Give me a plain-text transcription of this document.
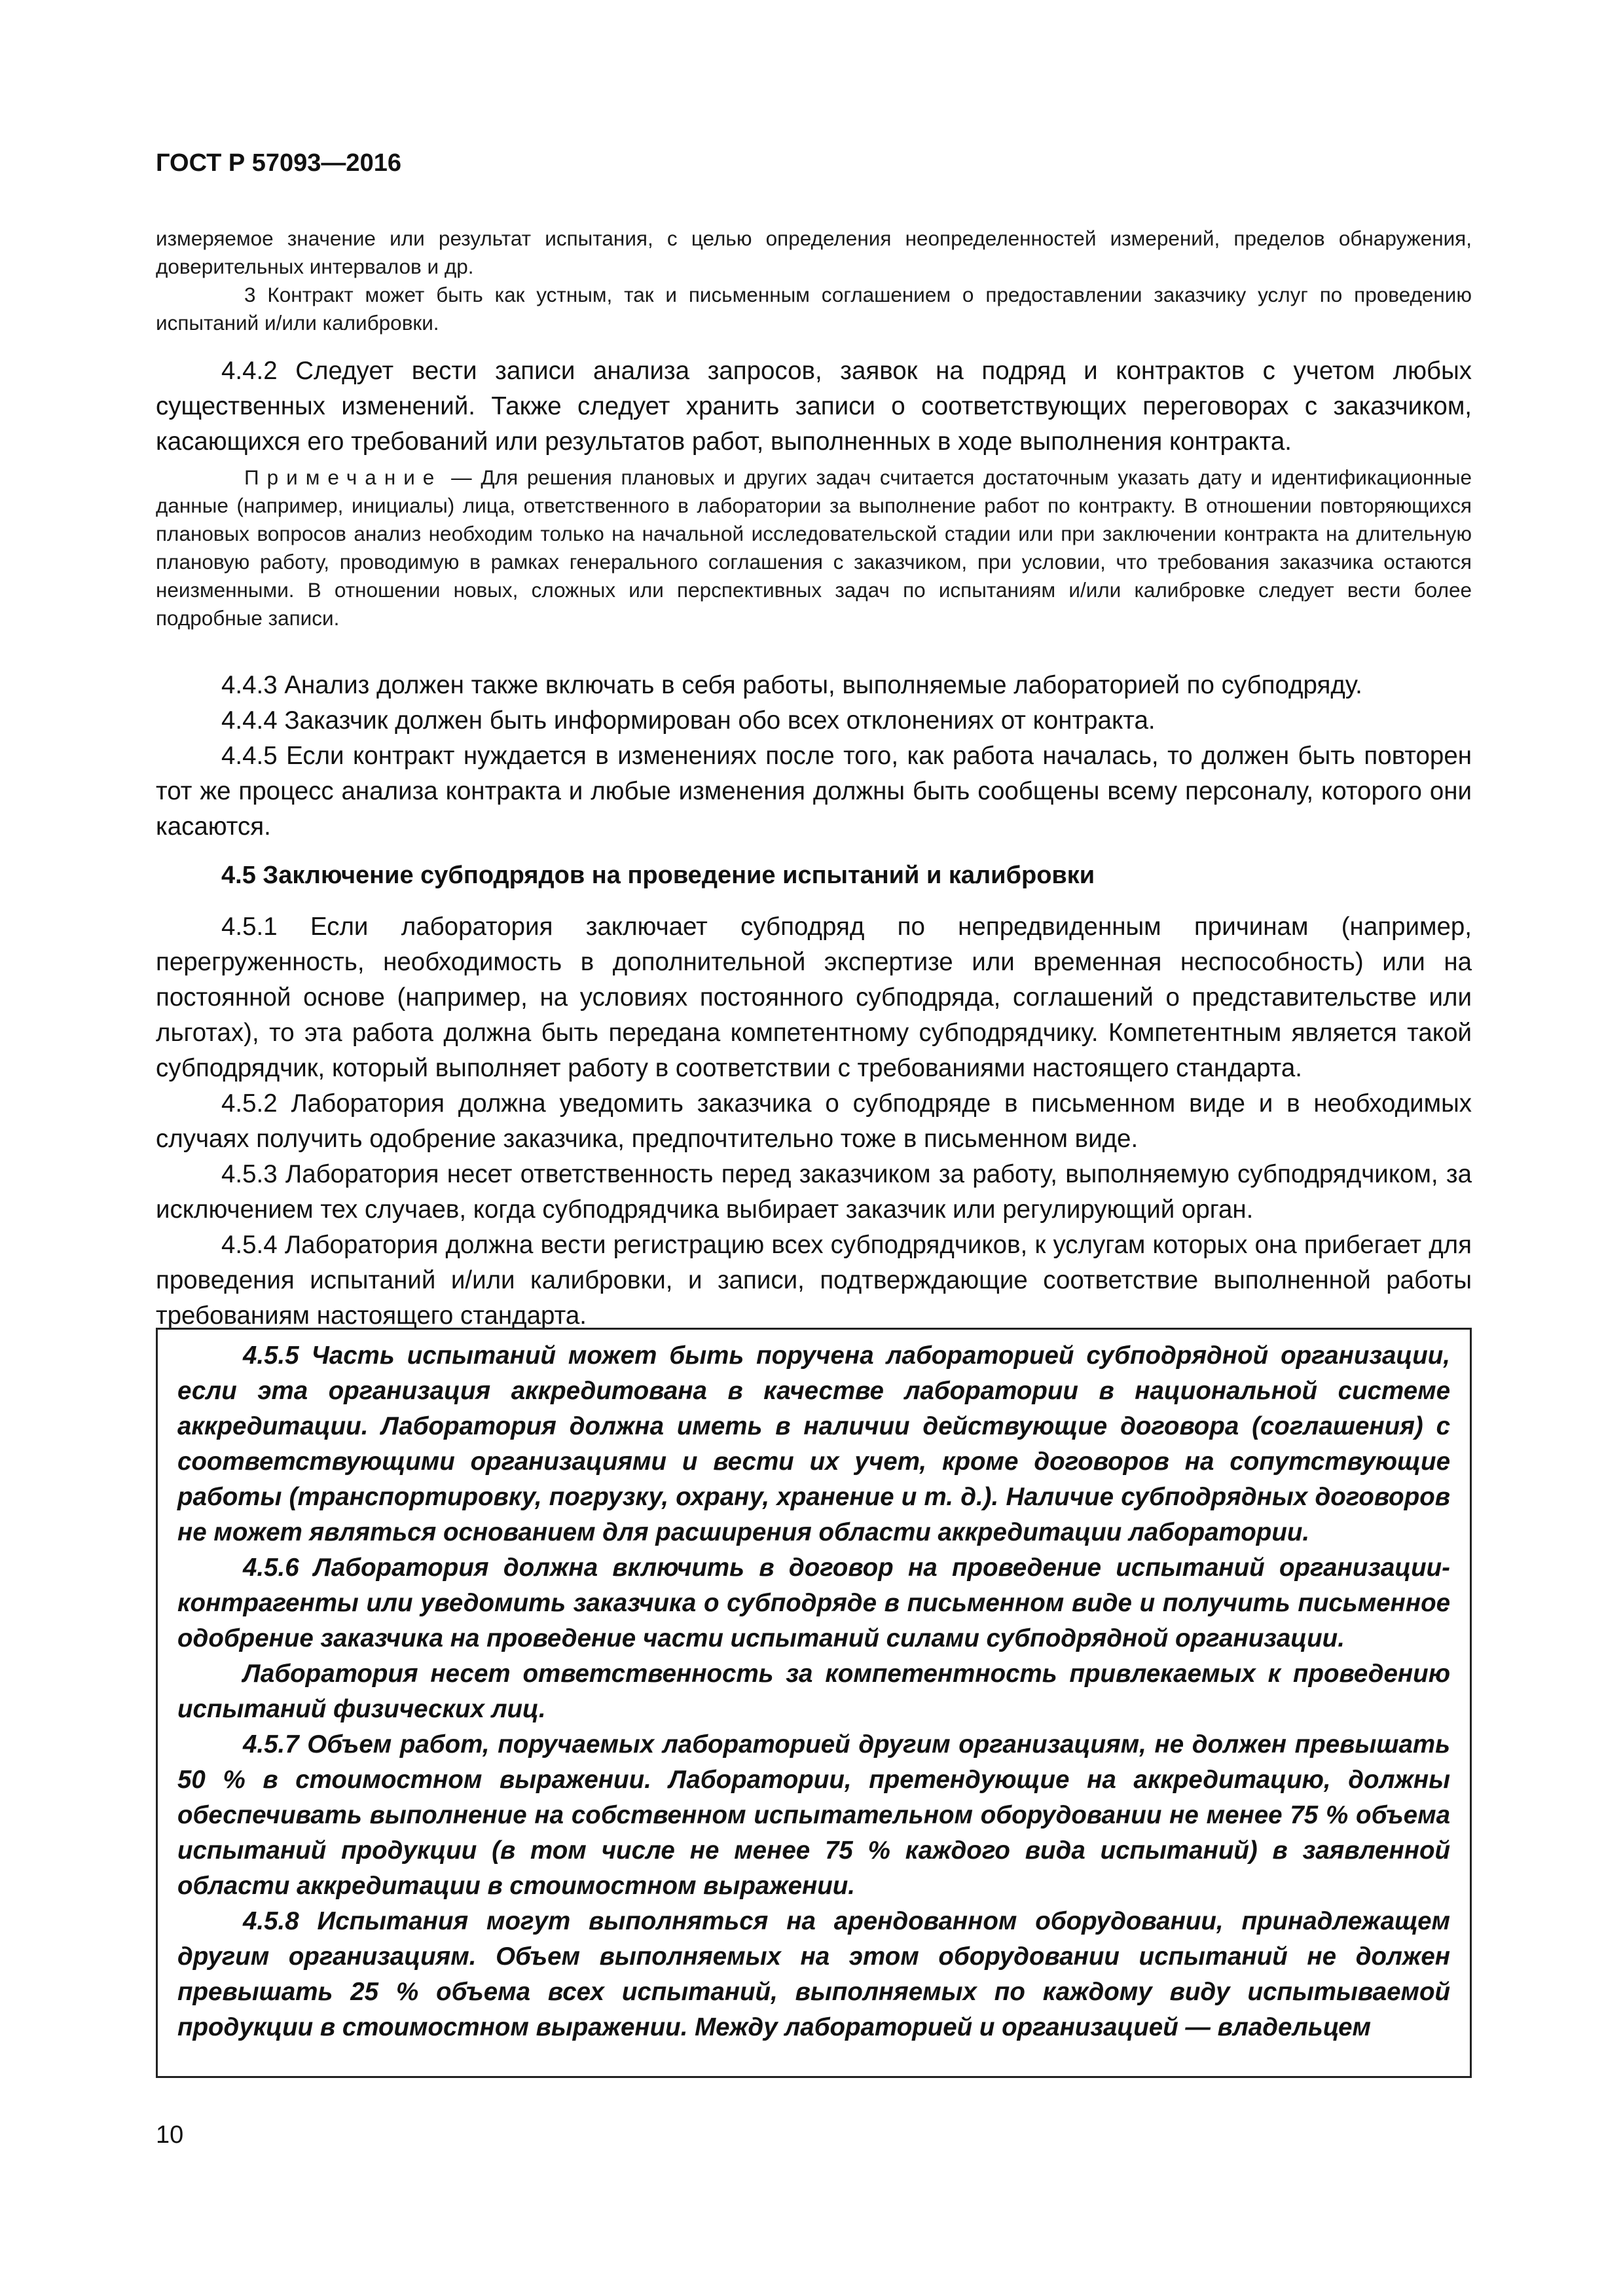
ГОСТ Р 57093—2016

измеряемое значение или результат испытания, с целью определения неопределенностей измерений, пределов обнаружения, доверительных интервалов и др.

3 Контракт может быть как устным, так и письменным соглашением о предоставлении заказчику услуг по проведению испытаний и/или калибровки.

4.4.2 Следует вести записи анализа запросов, заявок на подряд и контрактов с учетом любых существенных изменений. Также следует хранить записи о соответствующих переговорах с заказчиком, касающихся его требований или результатов работ, выполненных в ходе выполнения контракта.

Примечание — Для решения плановых и других задач считается достаточным указать дату и идентификационные данные (например, инициалы) лица, ответственного в лаборатории за выполнение работ по контракту. В отношении повторяющихся плановых вопросов анализ необходим только на начальной исследовательской стадии или при заключении контракта на длительную плановую работу, проводимую в рамках генерального соглашения с заказчиком, при условии, что требования заказчика остаются неизменными. В отношении новых, сложных или перспективных задач по испытаниям и/или калибровке следует вести более подробные записи.

4.4.3 Анализ должен также включать в себя работы, выполняемые лабораторией по субподряду.

4.4.4 Заказчик должен быть информирован обо всех отклонениях от контракта.

4.4.5 Если контракт нуждается в изменениях после того, как работа началась, то должен быть повторен тот же процесс анализа контракта и любые изменения должны быть сообщены всему персоналу, которого они касаются.

4.5 Заключение субподрядов на проведение испытаний и калибровки

4.5.1 Если лаборатория заключает субподряд по непредвиденным причинам (например, перегруженность, необходимость в дополнительной экспертизе или временная неспособность) или на постоянной основе (например, на условиях постоянного субподряда, соглашений о представительстве или льготах), то эта работа должна быть передана компетентному субподрядчику. Компетентным является такой субподрядчик, который выполняет работу в соответствии с требованиями настоящего стандарта.

4.5.2 Лаборатория должна уведомить заказчика о субподряде в письменном виде и в необходимых случаях получить одобрение заказчика, предпочтительно тоже в письменном виде.

4.5.3 Лаборатория несет ответственность перед заказчиком за работу, выполняемую субподрядчиком, за исключением тех случаев, когда субподрядчика выбирает заказчик или регулирующий орган.

4.5.4 Лаборатория должна вести регистрацию всех субподрядчиков, к услугам которых она прибегает для проведения испытаний и/или калибровки, и записи, подтверждающие соответствие выполненной работы требованиям настоящего стандарта.

4.5.5 Часть испытаний может быть поручена лабораторией субподрядной организации, если эта организация аккредитована в качестве лаборатории в национальной системе аккредитации. Лаборатория должна иметь в наличии действующие договора (соглашения) с соответствующими организациями и вести их учет, кроме договоров на сопутствующие работы (транспортировку, погрузку, охрану, хранение и т. д.). Наличие субподрядных договоров не может являться основанием для расширения области аккредитации лаборатории.

4.5.6 Лаборатория должна включить в договор на проведение испытаний организации-контрагенты или уведомить заказчика о субподряде в письменном виде и получить письменное одобрение заказчика на проведение части испытаний силами субподрядной организации.

Лаборатория несет ответственность за компетентность привлекаемых к проведению испытаний физических лиц.

4.5.7 Объем работ, поручаемых лабораторией другим организациям, не должен превышать 50 % в стоимостном выражении. Лаборатории, претендующие на аккредитацию, должны обеспечивать выполнение на собственном испытательном оборудовании не менее 75 % объема испытаний продукции (в том числе не менее 75 % каждого вида испытаний) в заявленной области аккредитации в стоимостном выражении.

4.5.8 Испытания могут выполняться на арендованном оборудовании, принадлежащем другим организациям. Объем выполняемых на этом оборудовании испытаний не должен превышать 25 % объема всех испытаний, выполняемых по каждому виду испытываемой продукции в стоимостном выражении. Между лабораторией и организацией — владельцем

10
